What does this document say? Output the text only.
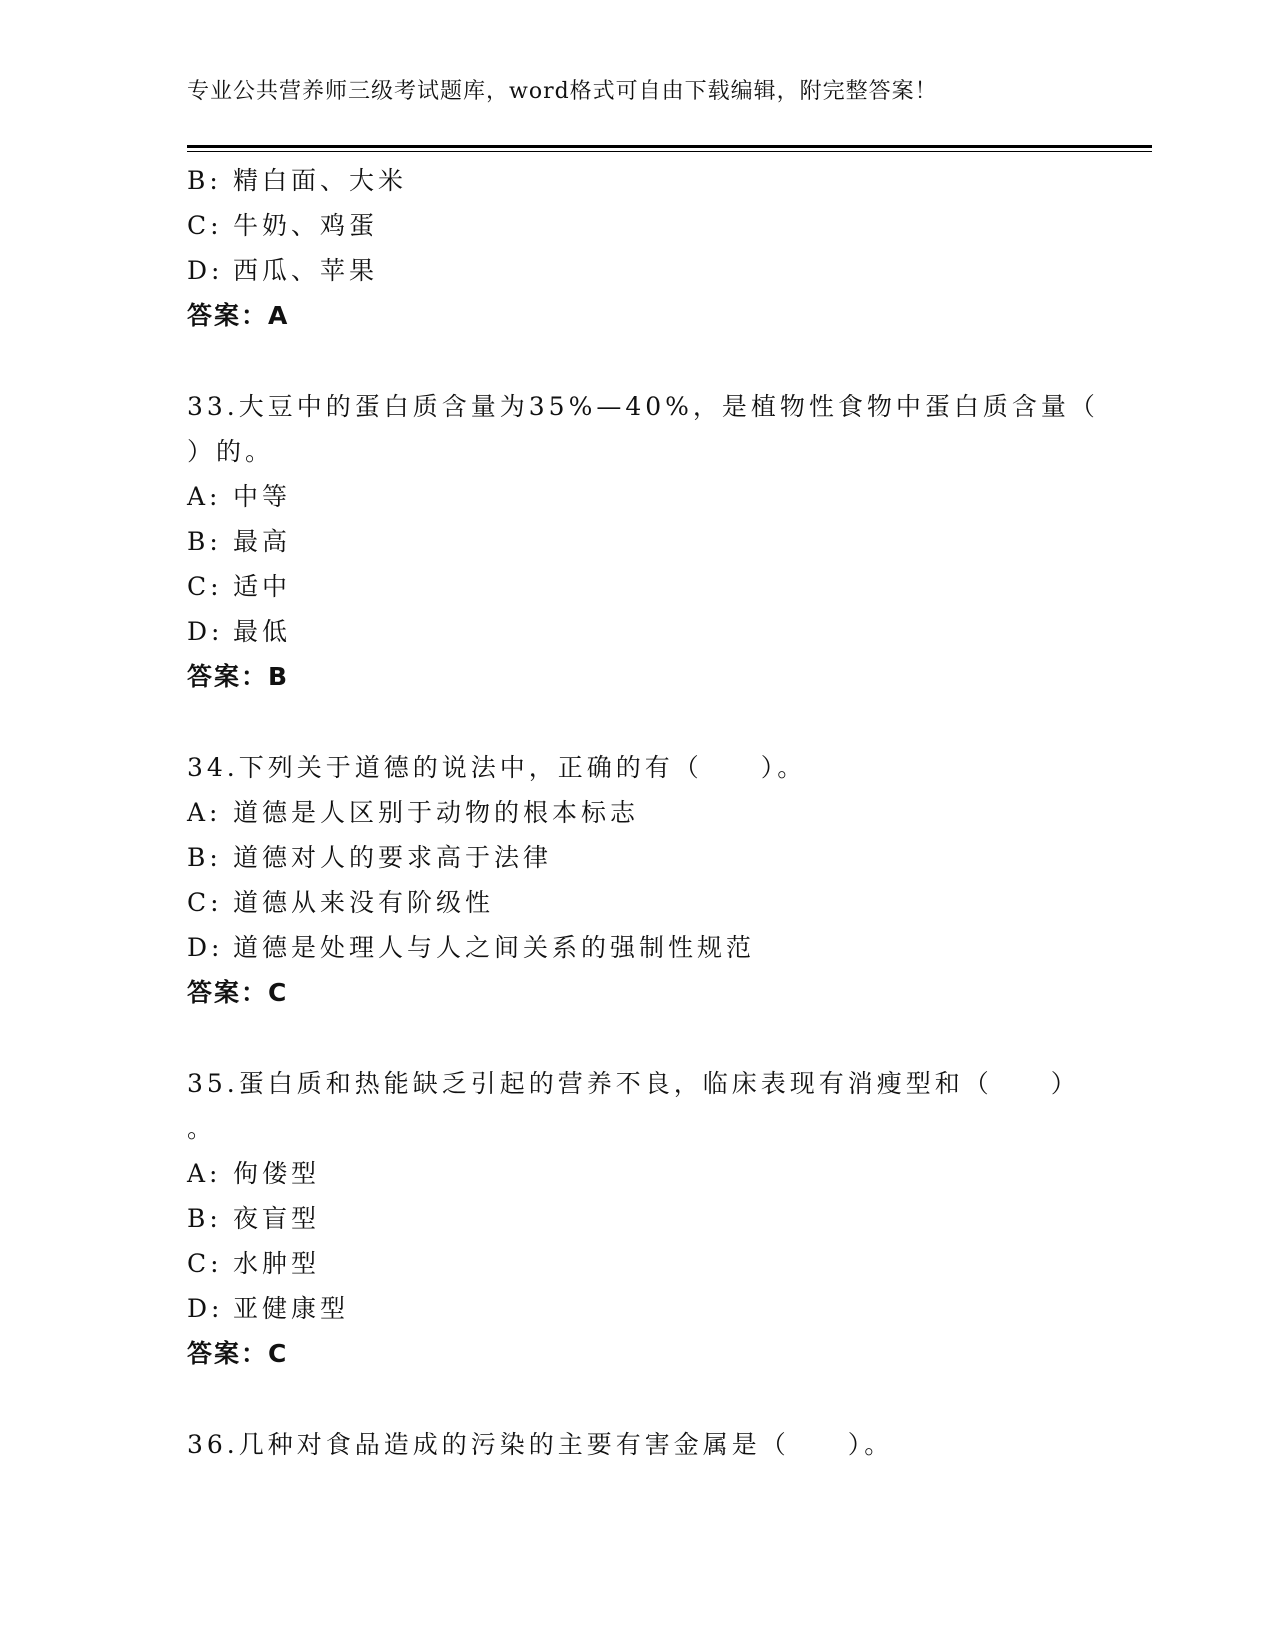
专业公共营养师三级考试题库，word格式可自由下载编辑，附完整答案！
B: 精白面、大米
C: 牛奶、鸡蛋
D: 西瓜、苹果
答案：A
33.大豆中的蛋白质含量为35%—40%，是植物性食物中蛋白质含量（
）的。
A: 中等
B: 最高
C: 适中
D: 最低
答案：B
34.下列关于道德的说法中，正确的有（　　）。
A: 道德是人区别于动物的根本标志
B: 道德对人的要求高于法律
C: 道德从来没有阶级性
D: 道德是处理人与人之间关系的强制性规范
答案：C
35.蛋白质和热能缺乏引起的营养不良，临床表现有消瘦型和（　　）
。
A: 佝偻型
B: 夜盲型
C: 水肿型
D: 亚健康型
答案：C
36.几种对食品造成的污染的主要有害金属是（　　）。
